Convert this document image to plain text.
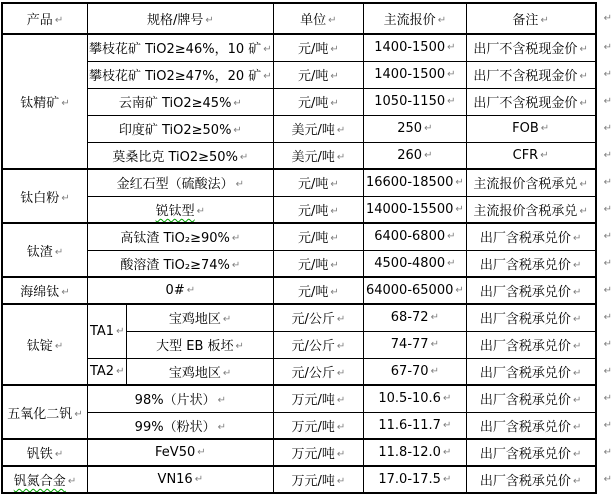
产品 ↵	规格/牌号 ↵		单位 ↵	主流报价 ↵	备注 ↵	↵
钛精矿 ↵	攀枝花矿 TiO2≥46%，10 矿 ↵		元/吨 ↵	1400-1500 ↵	出厂不含税现金价 ↵	↵
	攀枝花矿 TiO2≥47%，20 矿 ↵		元/吨 ↵	1400-1500 ↵	出厂不含税现金价 ↵	↵
	云南矿 TiO2≥45% ↵		元/吨 ↵	1050-1150 ↵	出厂不含税现金价 ↵	↵
	印度矿 TiO2≥50% ↵		美元/吨 ↵	250 ↵	FOB ↵	↵
	莫桑比克 TiO2≥50% ↵		美元/吨 ↵	260 ↵	CFR ↵	↵
钛白粉 ↵	金红石型（硫酸法） ↵		元/吨 ↵	16600-18500 ↵	主流报价含税承兑 ↵	↵
	锐钛型 ↵		元/吨 ↵	14000-15500 ↵	主流报价含税承兑 ↵	↵
钛渣 ↵	高钛渣 TiO₂≥90% ↵		元/吨 ↵	6400-6800 ↵	出厂含税承兑价 ↵	↵
	酸溶渣 TiO₂≥74% ↵		元/吨 ↵	4500-4800 ↵	出厂含税承兑价 ↵	↵
海绵钛 ↵	0# ↵		元/吨 ↵	64000-65000 ↵	出厂含税承兑价 ↵	↵
钛锭 ↵	TA1 ↵	宝鸡地区 ↵	元/公斤 ↵	68-72 ↵	出厂含税承兑价 ↵	↵
		大型 EB 板坯 ↵	元/公斤 ↵	74-77 ↵	出厂含税承兑价 ↵	↵
	TA2 ↵	宝鸡地区 ↵	元/公斤 ↵	67-70 ↵	出厂含税承兑价 ↵	↵
五氧化二钒 ↵	98%（片状） ↵		万元/吨 ↵	10.5-10.6 ↵	出厂含税承兑价 ↵	↵
	99%（粉状） ↵		万元/吨 ↵	11.6-11.7 ↵	出厂含税承兑价 ↵	↵
钒铁 ↵	FeV50 ↵		万元/吨 ↵	11.8-12.0 ↵	出厂含税承兑价 ↵	↵
钒氮合金 ↵	VN16 ↵		万元/吨 ↵	17.0-17.5 ↵	出厂含税承兑价 ↵	↵
